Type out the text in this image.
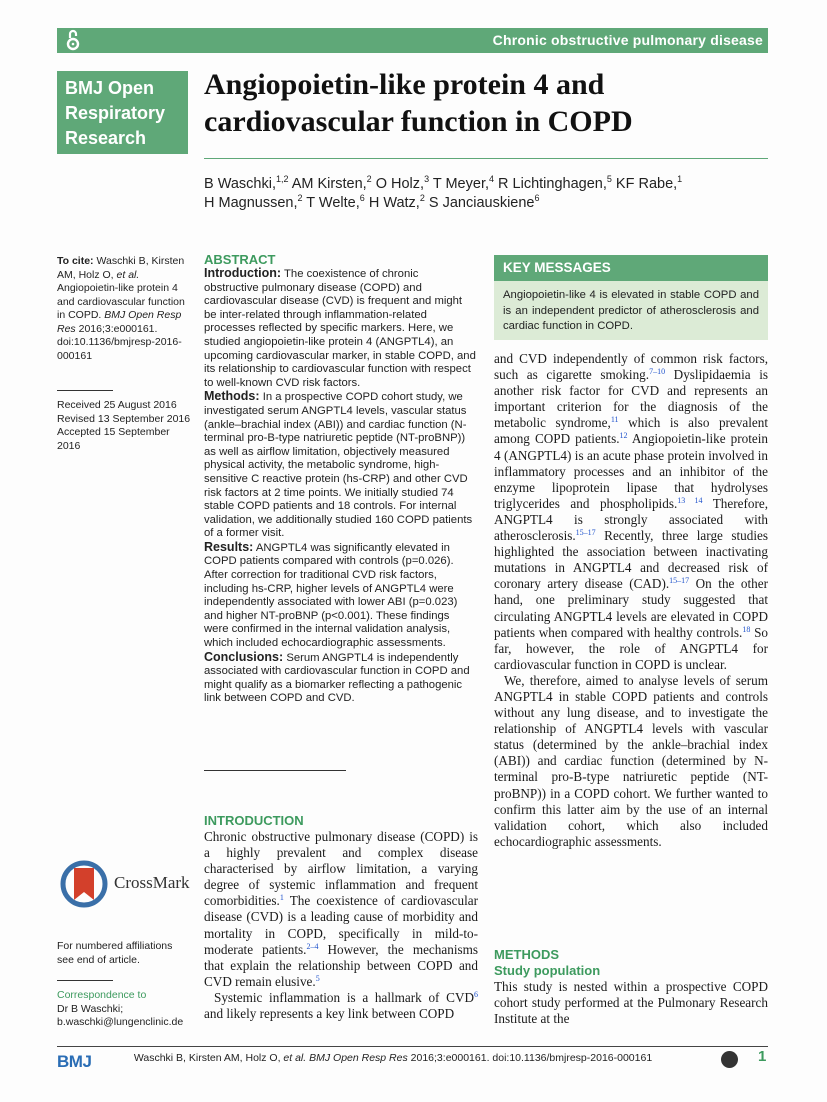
Chronic obstructive pulmonary disease
BMJ Open
Respiratory
Research
Angiopoietin-like protein 4 and
cardiovascular function in COPD
B Waschki,$^{1,2}$ AM Kirsten,$^2$ O Holz,$^3$ T Meyer,$^4$ R Lichtinghagen,$^5$ KF Rabe,$^1$
H Magnussen,$^2$ T Welte,$^6$ H Watz,$^2$ S Janciauskiene$^6$
To cite: Waschki B, Kirsten AM, Holz O, et al. Angiopoietin-like protein 4 and cardiovascular function in COPD. BMJ Open Resp Res 2016;3:e000161. doi:10.1136/bmjresp-2016-000161
Received 25 August 2016
Revised 13 September 2016
Accepted 15 September 2016
CrossMark
For numbered affiliations see end of article.
Correspondence to
Dr B Waschki;
b.waschki@lungenclinic.de
ABSTRACT
Introduction: The coexistence of chronic obstructive pulmonary disease (COPD) and cardiovascular disease (CVD) is frequent and might be inter-related through inflammation-related processes reflected by specific markers. Here, we studied angiopoietin-like protein 4 (ANGPTL4), an upcoming cardiovascular marker, in stable COPD, and its relationship to cardiovascular function with respect to well-known CVD risk factors.
Methods: In a prospective COPD cohort study, we investigated serum ANGPTL4 levels, vascular status (ankle–brachial index (ABI)) and cardiac function (N-terminal pro-B-type natriuretic peptide (NT-proBNP)) as well as airflow limitation, objectively measured physical activity, the metabolic syndrome, high-sensitive C reactive protein (hs-CRP) and other CVD risk factors at 2 time points. We initially studied 74 stable COPD patients and 18 controls. For internal validation, we additionally studied 160 COPD patients of a former visit.
Results: ANGPTL4 was significantly elevated in COPD patients compared with controls (p=0.026). After correction for traditional CVD risk factors, including hs-CRP, higher levels of ANGPTL4 were independently associated with lower ABI (p=0.023) and higher NT-proBNP (p<0.001). These findings were confirmed in the internal validation analysis, which included echocardiographic assessments.
Conclusions: Serum ANGPTL4 is independently associated with cardiovascular function in COPD and might qualify as a biomarker reflecting a pathogenic link between COPD and CVD.
KEY MESSAGES
Angiopoietin-like 4 is elevated in stable COPD and is an independent predictor of atherosclerosis and cardiac function in COPD.
INTRODUCTION

Chronic obstructive pulmonary disease (COPD) is a highly prevalent and complex disease characterised by airflow limitation, a varying degree of systemic inflammation and frequent comorbidities.$^1$ The coexistence of cardiovascular disease (CVD) is a leading cause of morbidity and mortality in COPD, specifically in mild-to-moderate patients.$^{2-4}$ However, the mechanisms that explain the relationship between COPD and CVD remain elusive.$^5$

Systemic inflammation is a hallmark of CVD$^6$ and likely represents a key link between COPD

and CVD independently of common risk factors, such as cigarette smoking.$^{7-10}$ Dyslipidaemia is another risk factor for CVD and represents an important criterion for the diagnosis of the metabolic syndrome,$^{11}$ which is also prevalent among COPD patients.$^{12}$ Angiopoietin-like protein 4 (ANGPTL4) is an acute phase protein involved in inflammatory processes and an inhibitor of the enzyme lipoprotein lipase that hydrolyses triglycerides and phospholipids.$^{13 14}$ Therefore, ANGPTL4 is strongly associated with atherosclerosis.$^{15-17}$ Recently, three large studies highlighted the association between inactivating mutations in ANGPTL4 and decreased risk of coronary artery disease (CAD).$^{15-17}$ On the other hand, one preliminary study suggested that circulating ANGPTL4 levels are elevated in COPD patients when compared with healthy controls.$^{18}$ So far, however, the role of ANGPTL4 for cardiovascular function in COPD is unclear.

We, therefore, aimed to analyse levels of serum ANGPTL4 in stable COPD patients and controls without any lung disease, and to investigate the relationship of ANGPTL4 levels with vascular status (determined by the ankle–brachial index (ABI)) and cardiac function (determined by N-terminal pro-B-type natriuretic peptide (NT-proBNP)) in a COPD cohort. We further wanted to confirm this latter aim by the use of an internal validation cohort, which also included echocardiographic assessments.

METHODS
Study population

This study is nested within a prospective COPD cohort study performed at the Pulmonary Research Institute at the

BMJ	Waschki B, Kirsten AM, Holz O, et al. BMJ Open Resp Res 2016;3:e000161. doi:10.1136/bmjresp-2016-000161	1
